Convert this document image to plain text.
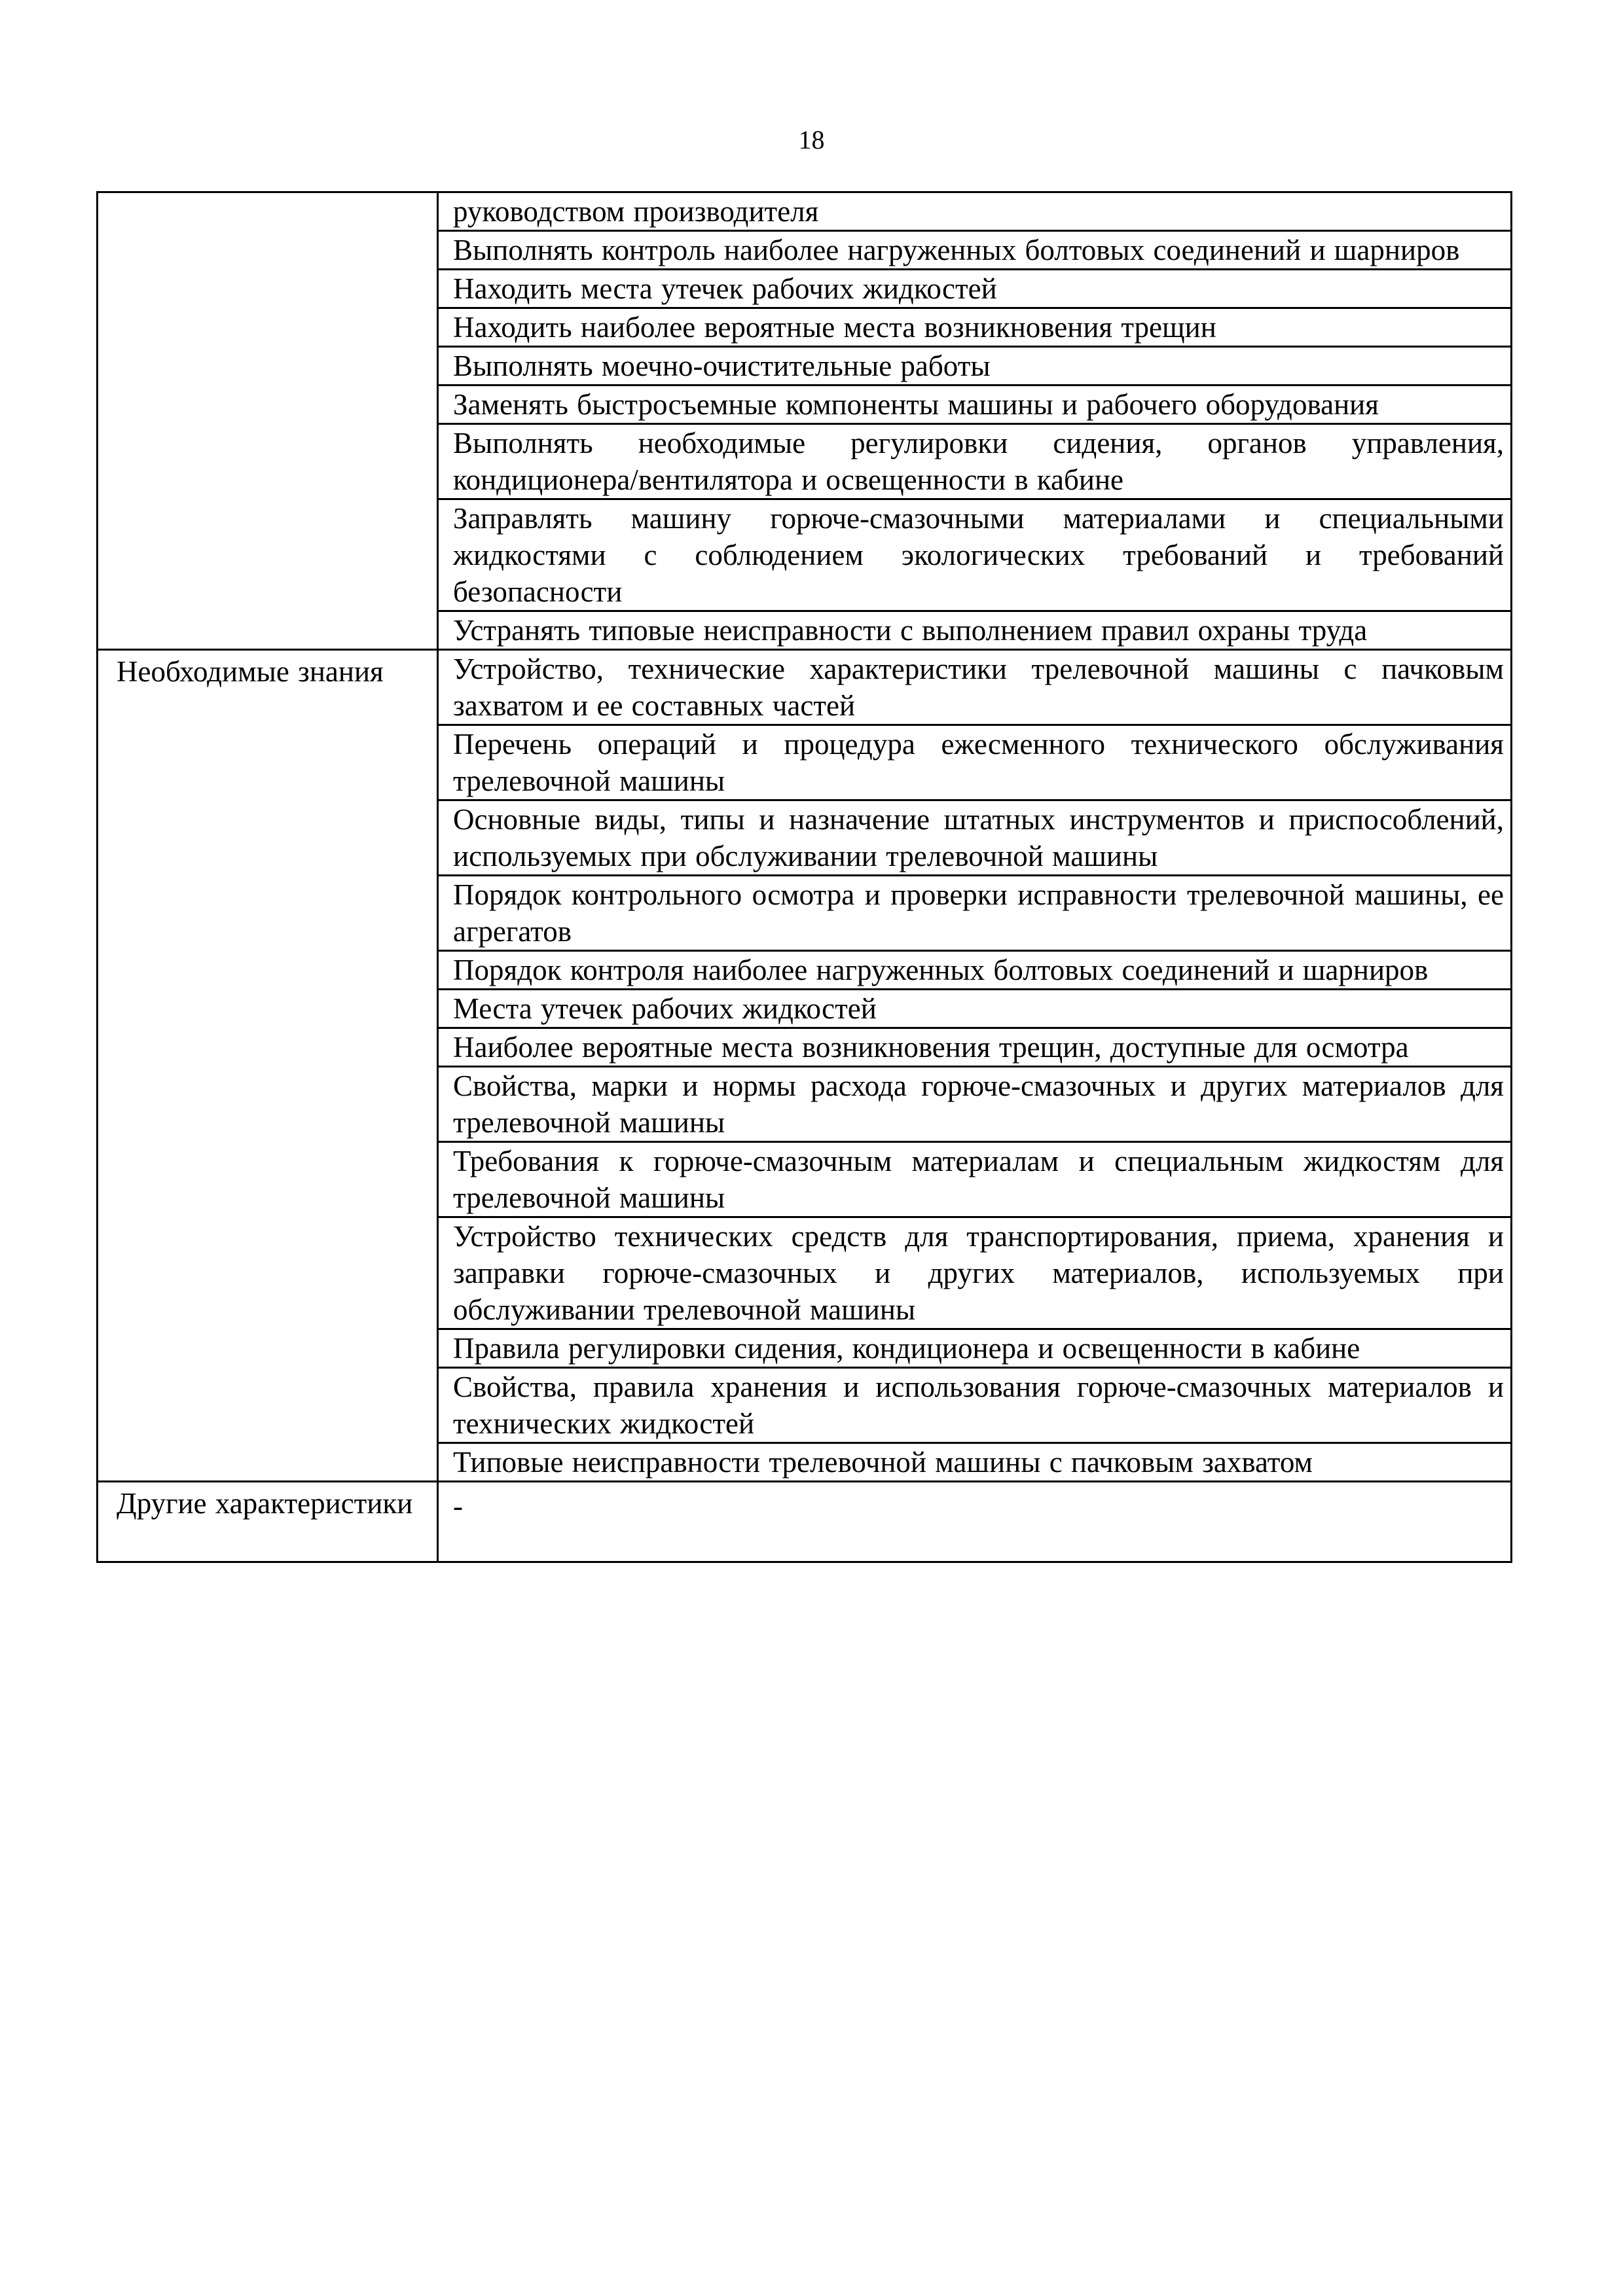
18
	руководством производителя
	Выполнять контроль наиболее нагруженных болтовых соединений и шарниров
	Находить места утечек рабочих жидкостей
	Находить наиболее вероятные места возникновения трещин
	Выполнять моечно-очистительные работы
	Заменять быстросъемные компоненты машины и рабочего оборудования
	Выполнять необходимые регулировки сидения, органов управления, кондиционера/вентилятора и освещенности в кабине
	Заправлять машину горюче-смазочными материалами и специальными жидкостями с соблюдением экологических требований и требований безопасности
	Устранять типовые неисправности с выполнением правил охраны труда
Необходимые знания	Устройство, технические характеристики трелевочной машины с пачковым захватом и ее составных частей
	Перечень операций и процедура ежесменного технического обслуживания трелевочной машины
	Основные виды, типы и назначение штатных инструментов и приспособлений, используемых при обслуживании трелевочной машины
	Порядок контрольного осмотра и проверки исправности трелевочной машины, ее агрегатов
	Порядок контроля наиболее нагруженных болтовых соединений и шарниров
	Места утечек рабочих жидкостей
	Наиболее вероятные места возникновения трещин, доступные для осмотра
	Свойства, марки и нормы расхода горюче-смазочных и других материалов для трелевочной машины
	Требования к горюче-смазочным материалам и специальным жидкостям для трелевочной машины
	Устройство технических средств для транспортирования, приема, хранения и заправки горюче-смазочных и других материалов, используемых при обслуживании трелевочной машины
	Правила регулировки сидения, кондиционера и освещенности в кабине
	Свойства, правила хранения и использования горюче-смазочных материалов и технических жидкостей
	Типовые неисправности трелевочной машины с пачковым захватом
Другие характеристики	-
